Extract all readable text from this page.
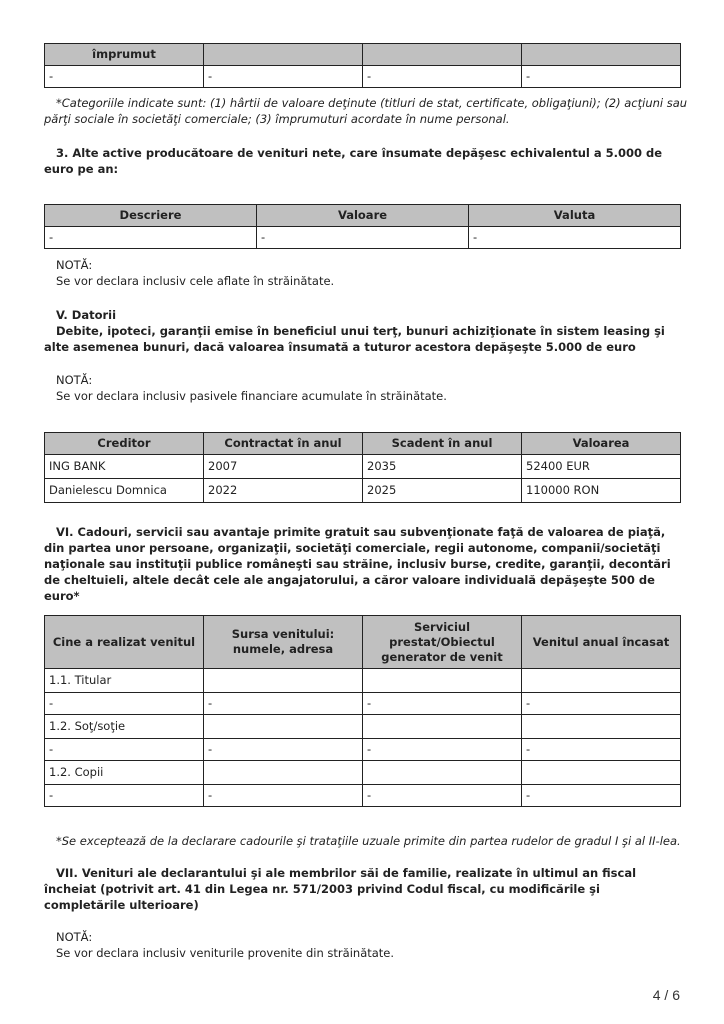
împrumut			
-	-	-	-
*Categoriile indicate sunt: (1) hârtii de valoare deţinute (titluri de stat, certificate, obligaţiuni); (2) acţiuni sau părţi sociale în societăţi comerciale; (3) împrumuturi acordate în nume personal.
3. Alte active producătoare de venituri nete, care însumate depăşesc echivalentul a 5.000 de euro pe an:
Descriere	Valoare	Valuta
-	-	-
NOTĂ:
Se vor declara inclusiv cele aflate în străinătate.
V. Datorii
Debite, ipoteci, garanţii emise în beneficiul unui terţ, bunuri achiziţionate în sistem leasing şi alte asemenea bunuri, dacă valoarea însumată a tuturor acestora depăşeşte 5.000 de euro
NOTĂ:
Se vor declara inclusiv pasivele financiare acumulate în străinătate.
Creditor	Contractat în anul	Scadent în anul	Valoarea
ING BANK	2007	2035	52400 EUR
Danielescu Domnica	2022	2025	110000 RON
VI. Cadouri, servicii sau avantaje primite gratuit sau subvenţionate faţă de valoarea de piaţă, din partea unor persoane, organizaţii, societăţi comerciale, regii autonome, companii/societăţi naţionale sau instituţii publice româneşti sau străine, inclusiv burse, credite, garanţii, decontări de cheltuieli, altele decât cele ale angajatorului, a căror valoare individuală depăşeşte 500 de euro*
Cine a realizat venitul	Sursa venitului: numele, adresa	Serviciul prestat/Obiectul generator de venit	Venitul anual încasat
1.1. Titular			
-	-	-	-
1.2. Soţ/soţie			
-	-	-	-
1.2. Copii			
-	-	-	-
*Se exceptează de la declarare cadourile şi trataţiile uzuale primite din partea rudelor de gradul I şi al II-lea.
VII. Venituri ale declarantului şi ale membrilor săi de familie, realizate în ultimul an fiscal încheiat (potrivit art. 41 din Legea nr. 571/2003 privind Codul fiscal, cu modificările şi completările ulterioare)
NOTĂ:
Se vor declara inclusiv veniturile provenite din străinătate.
4 / 6
